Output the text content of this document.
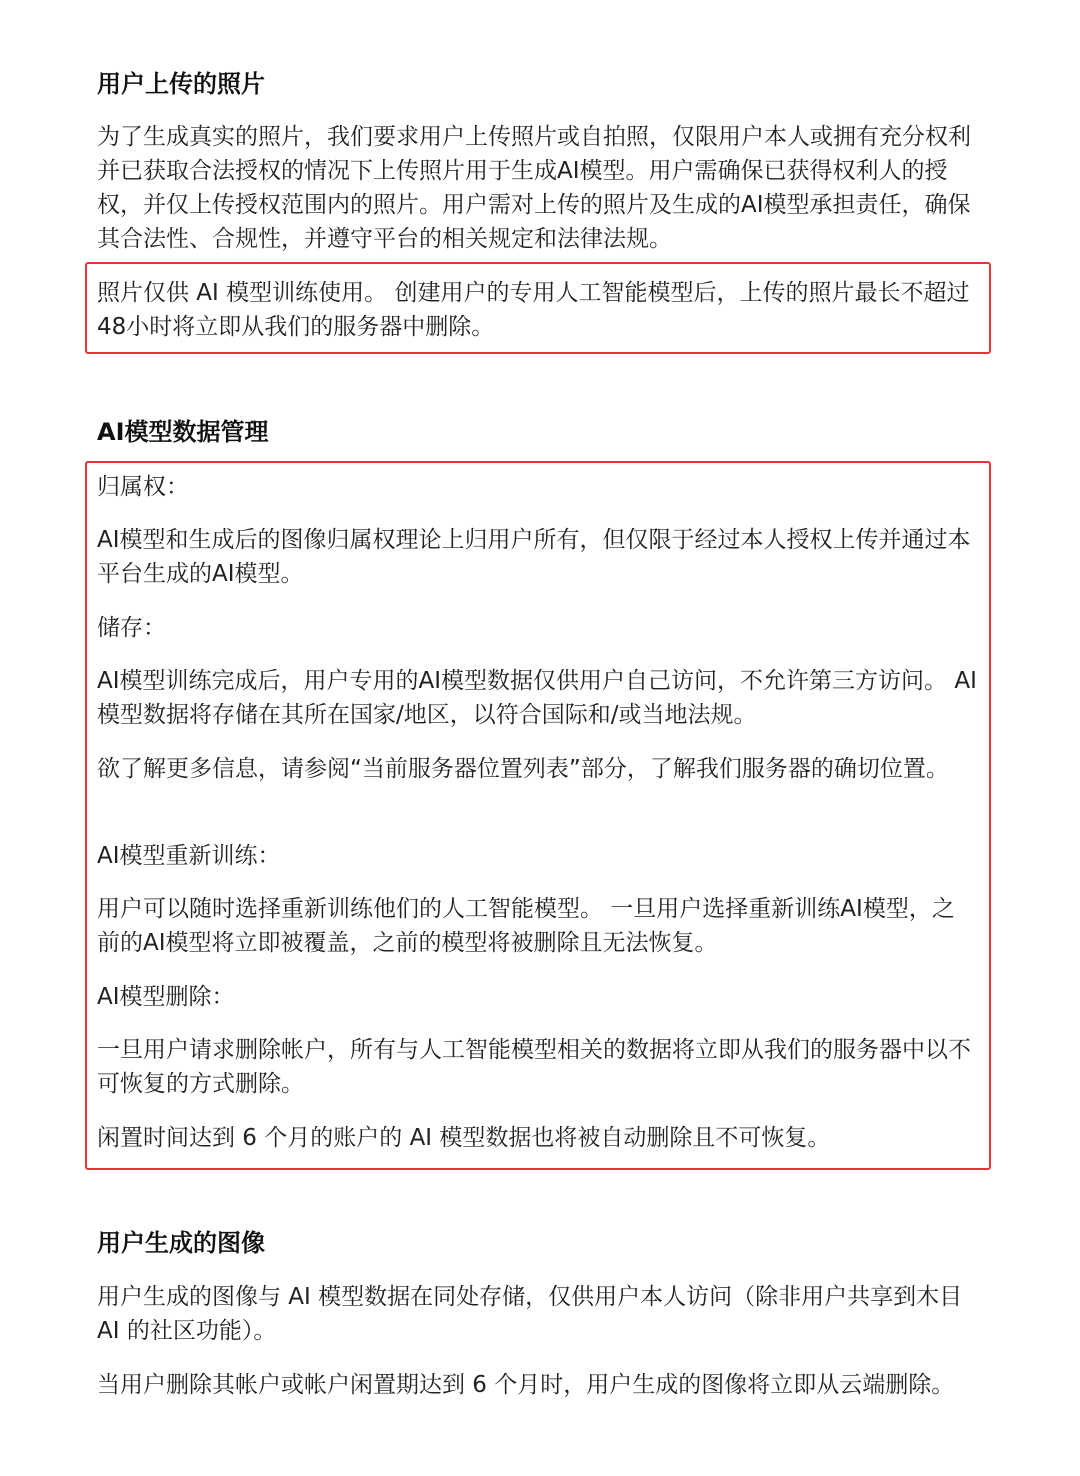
用户上传的照片

为了生成真实的照片，我们要求用户上传照片或自拍照，仅限用户本人或拥有充分权利并已获取合法授权的情况下上传照片用于生成AI模型。用户需确保已获得权利人的授权，并仅上传授权范围内的照片。用户需对上传的照片及生成的AI模型承担责任，确保其合法性、合规性，并遵守平台的相关规定和法律法规。

照片仅供 AI 模型训练使用。 创建用户的专用人工智能模型后，上传的照片最长不超过48小时将立即从我们的服务器中删除。

AI模型数据管理

归属权：

AI模型和生成后的图像归属权理论上归用户所有，但仅限于经过本人授权上传并通过本平台生成的AI模型。

储存：

AI模型训练完成后，用户专用的AI模型数据仅供用户自己访问，不允许第三方访问。 AI模型数据将存储在其所在国家/地区，以符合国际和/或当地法规。

欲了解更多信息，请参阅“当前服务器位置列表”部分，了解我们服务器的确切位置。

AI模型重新训练：

用户可以随时选择重新训练他们的人工智能模型。 一旦用户选择重新训练AI模型，之前的AI模型将立即被覆盖，之前的模型将被删除且无法恢复。

AI模型删除：

一旦用户请求删除帐户，所有与人工智能模型相关的数据将立即从我们的服务器中以不可恢复的方式删除。

闲置时间达到 6 个月的账户的 AI 模型数据也将被自动删除且不可恢复。

用户生成的图像

用户生成的图像与 AI 模型数据在同处存储，仅供用户本人访问（除非用户共享到木目AI 的社区功能）。

当用户删除其帐户或帐户闲置期达到 6 个月时，用户生成的图像将立即从云端删除。
